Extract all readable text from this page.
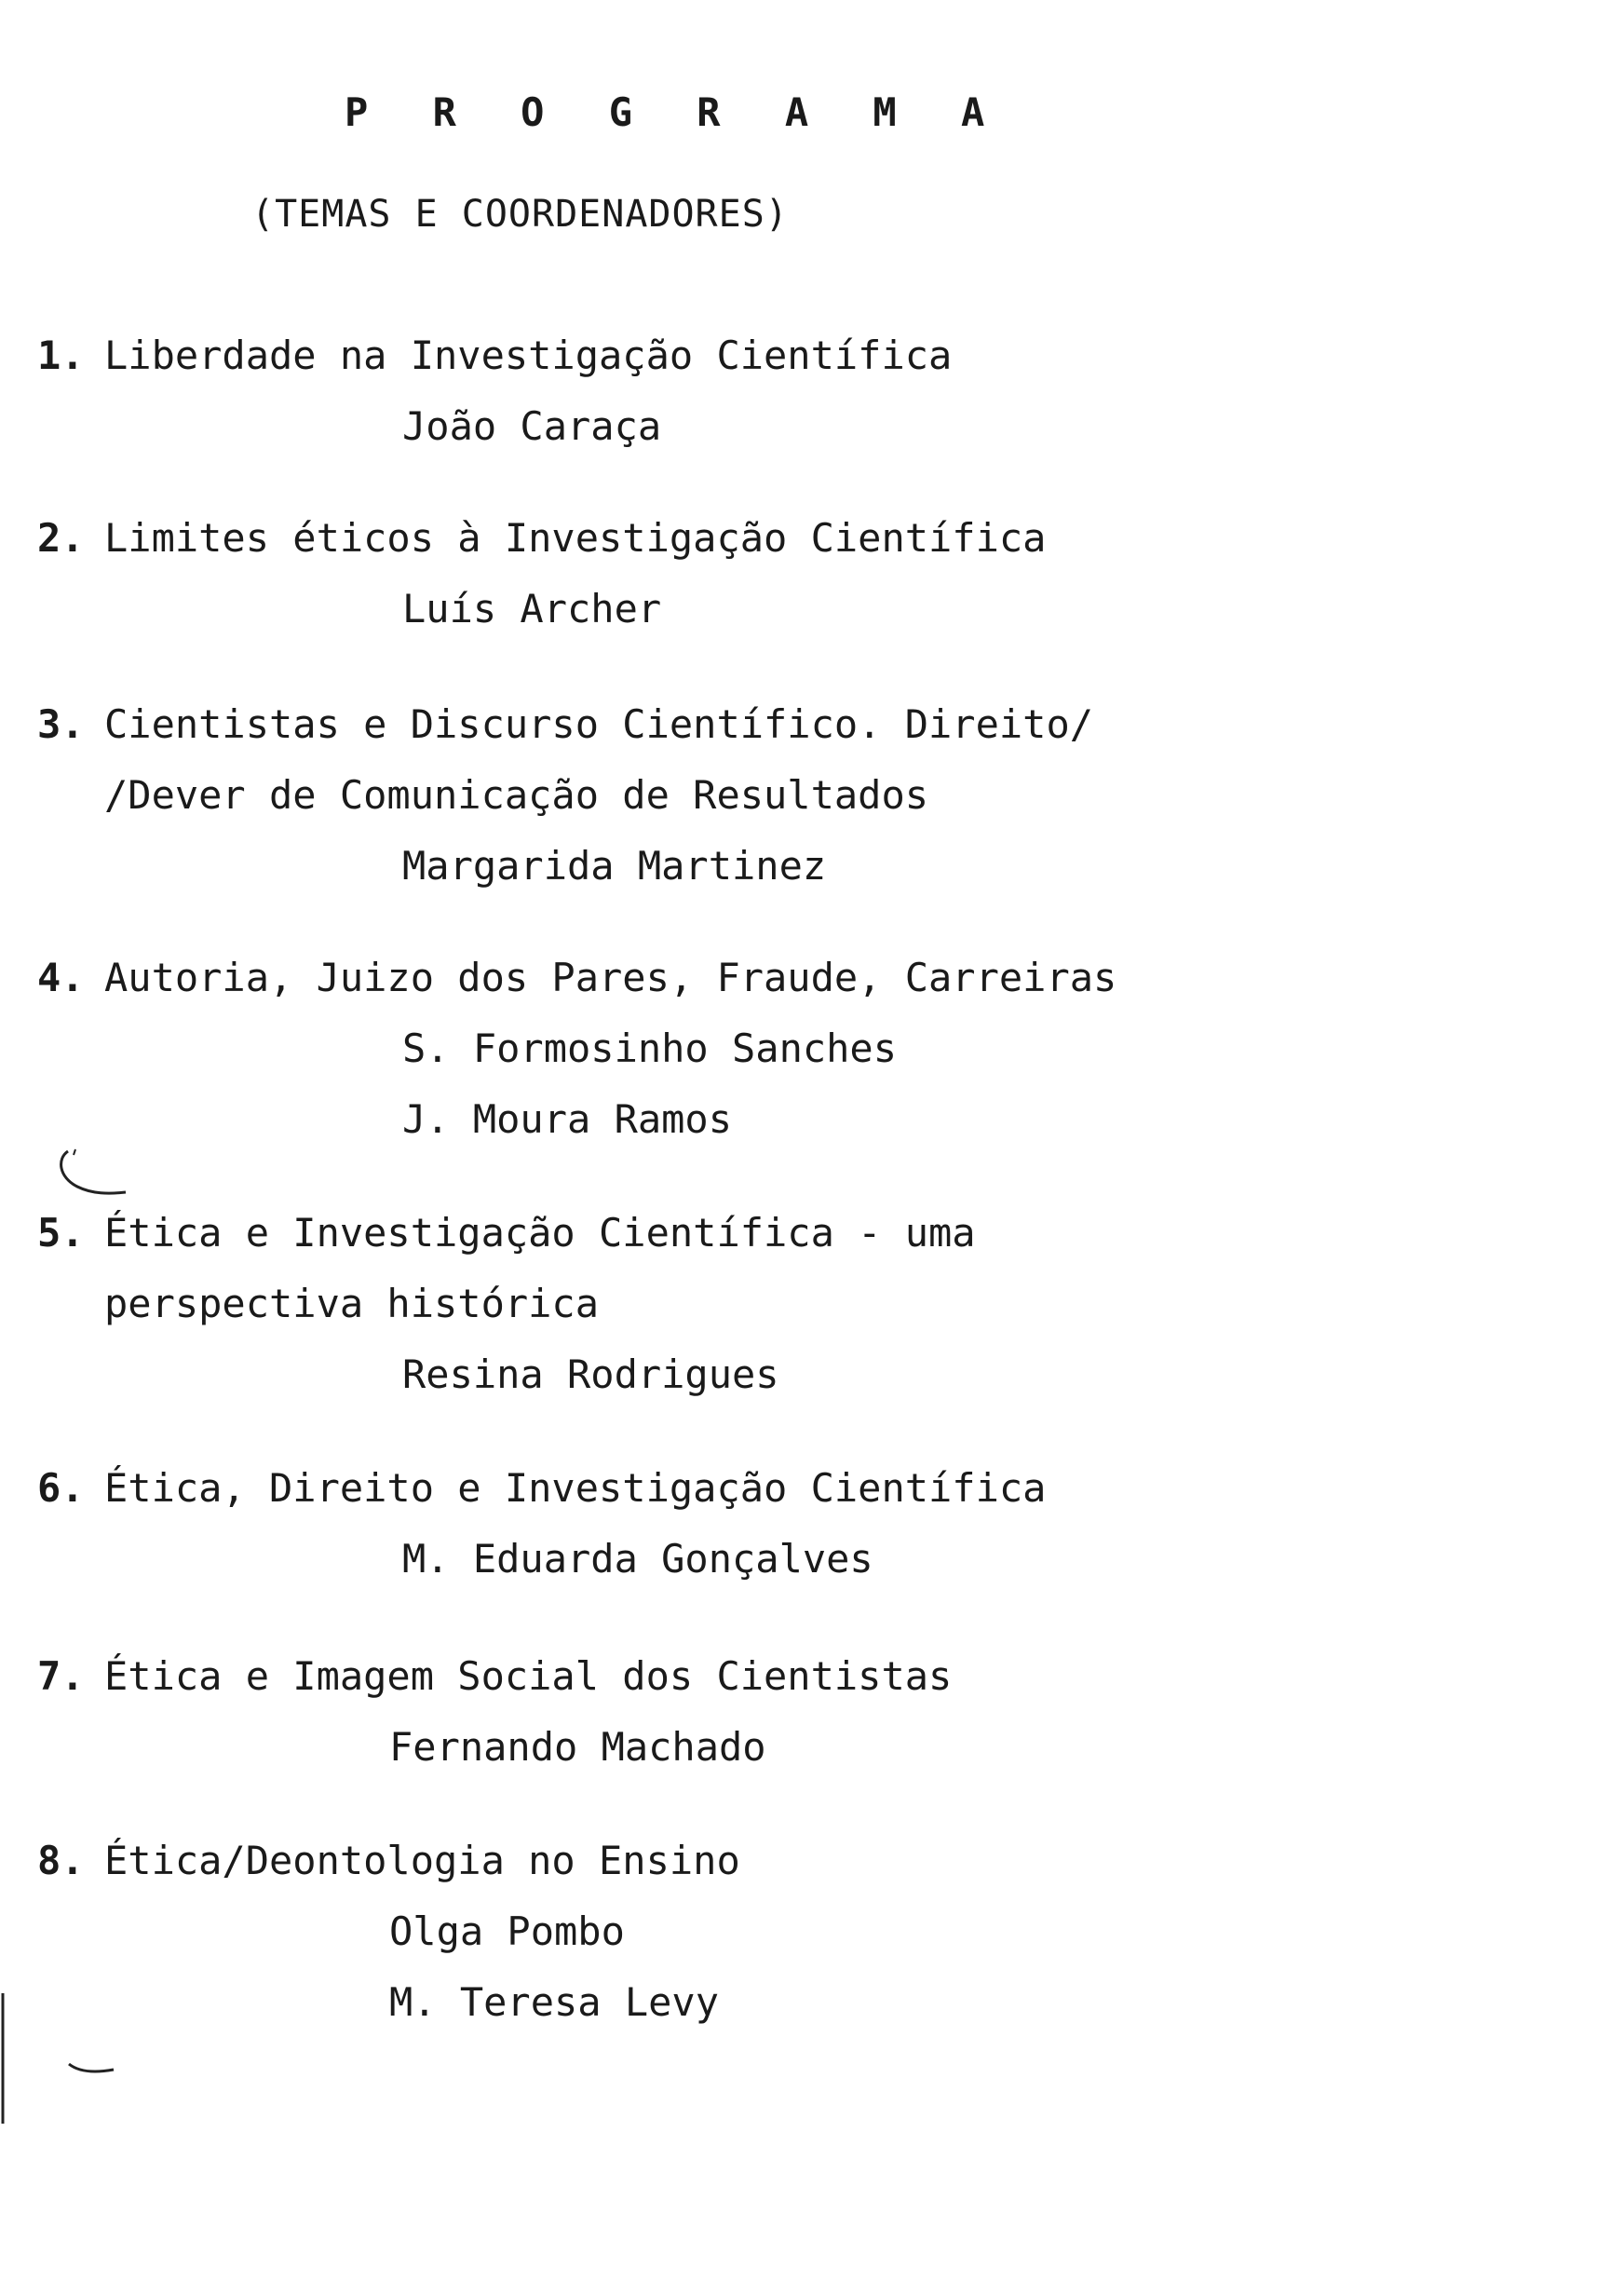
P R O G R A M A
(TEMAS E COORDENADORES)
1. Liberdade na Investigação Científica
João Caraça
2. Limites éticos à Investigação Científica
Luís Archer
3. Cientistas e Discurso Científico. Direito/
/Dever de Comunicação de Resultados
Margarida Martinez
4. Autoria, Juizo dos Pares, Fraude, Carreiras
S. Formosinho Sanches
J. Moura Ramos
5. Ética e Investigação Científica - uma
perspectiva histórica
Resina Rodrigues
6. Ética, Direito e Investigação Científica
M. Eduarda Gonçalves
7. Ética e Imagem Social dos Cientistas
Fernando Machado
8. Ética/Deontologia no Ensino
Olga Pombo
M. Teresa Levy
